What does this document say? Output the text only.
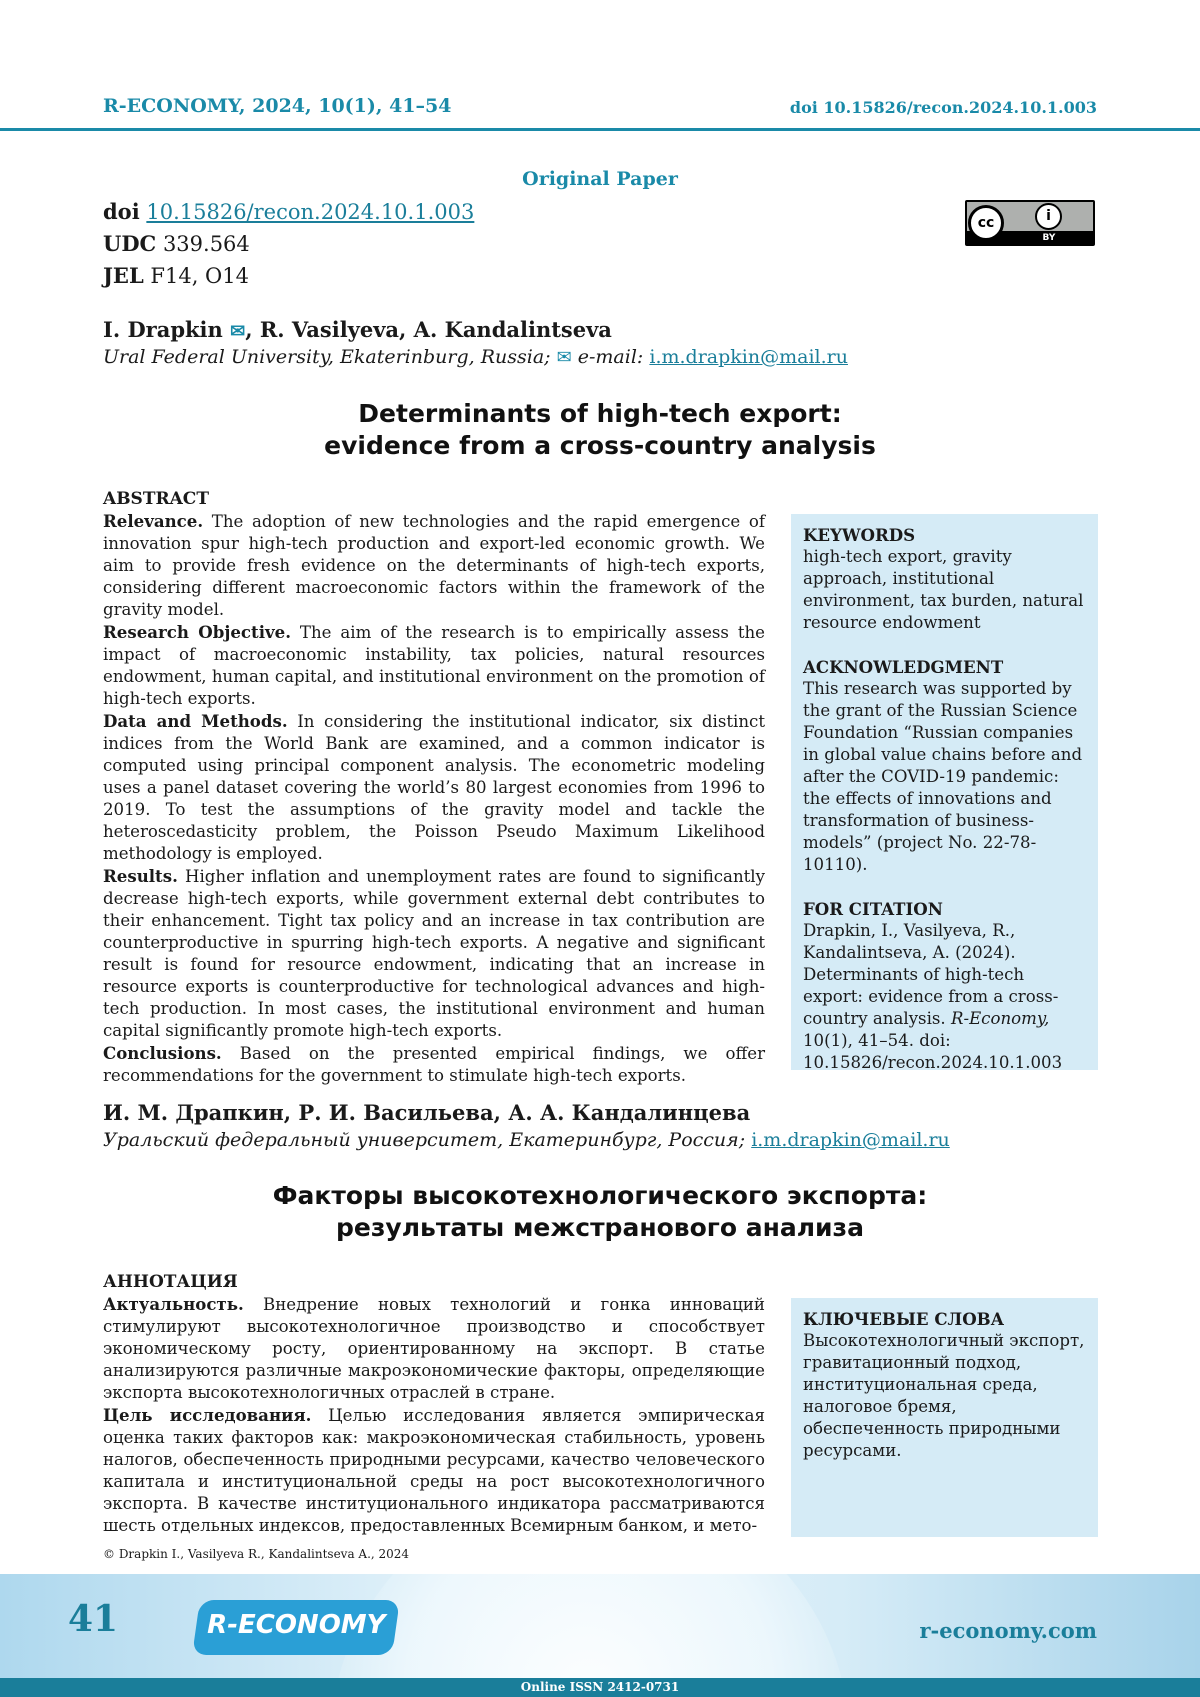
R-ECONOMY, 2024, 10(1), 41–54	doi 10.15826/recon.2024.10.1.003
Original Paper
doi 10.15826/recon.2024.10.1.003
UDC 339.564
JEL F14, O14
cc	i
BY
I. Drapkin ✉, R. Vasilyeva, A. Kandalintseva
Ural Federal University, Ekaterinburg, Russia; ✉ e-mail: i.m.drapkin@mail.ru
Determinants of high-tech export:
evidence from a cross-country analysis
ABSTRACT

Relevance. The adoption of new technologies and the rapid emergence of innovation spur high-tech production and export-led economic growth. We aim to provide fresh evidence on the determinants of high-tech exports, considering different macroeconomic factors within the framework of the gravity model.

Research Objective. The aim of the research is to empirically assess the impact of macroeconomic instability, tax policies, natural resources endowment, human capital, and institutional environment on the promotion of high-tech exports.

Data and Methods. In considering the institutional indicator, six distinct indices from the World Bank are examined, and a common indicator is computed using principal component analysis. The econometric modeling uses a panel dataset covering the world’s 80 largest economies from 1996 to 2019. To test the assumptions of the gravity model and tackle the heteroscedasticity problem, the Poisson Pseudo Maximum Likelihood methodology is employed.

Results. Higher inflation and unemployment rates are found to significantly decrease high-tech exports, while government external debt contributes to their enhancement. Tight tax policy and an increase in tax contribution are counterproductive in spurring high-tech exports. A negative and significant result is found for resource endowment, indicating that an increase in resource exports is counterproductive for technological advances and high-tech production. In most cases, the institutional environment and human capital significantly promote high-tech exports.

Conclusions. Based on the presented empirical findings, we offer recommendations for the government to stimulate high-tech exports.

KEYWORDS

high-tech export, gravity approach, institutional environment, tax burden, natural resource endowment

ACKNOWLEDGMENT

This research was supported by the grant of the Russian Science Foundation “Russian companies in global value chains before and after the COVID-19 pandemic: the effects of innovations and transformation of business-models” (project No. 22-78-10110).

FOR CITATION

Drapkin, I., Vasilyeva, R., Kandalintseva, A. (2024). Determinants of high-tech export: evidence from a cross-country analysis. R-Economy, 10(1), 41–54. doi: 10.15826/recon.2024.10.1.003

И. М. Драпкин, Р. И. Васильева, А. А. Кандалинцева
Уральский федеральный университет, Екатеринбург, Россия; i.m.drapkin@mail.ru
Факторы высокотехнологического экспорта:
результаты межстранового анализа
АННОТАЦИЯ

Актуальность. Внедрение новых технологий и гонка инноваций стимулируют высокотехнологичное производство и способствует экономическому росту, ориентированному на экспорт. В статье анализируются различные макроэкономические факторы, определяющие экспорта высокотехнологичных отраслей в стране.

Цель исследования. Целью исследования является эмпирическая оценка таких факторов как: макроэкономическая стабильность, уровень налогов, обеспеченность природными ресурсами, качество человеческого капитала и институциональной среды на рост высокотехнологичного экспорта. В качестве институционального индикатора рассматриваются шесть отдельных индексов, предоставленных Всемирным банком, и мето-

КЛЮЧЕВЫЕ СЛОВА

Высокотехнологичный экспорт, гравитационный подход, институциональная среда, налоговое бремя, обеспеченность природными ресурсами.

© Drapkin I., Vasilyeva R., Kandalintseva A., 2024
41	R-ECONOMY	r-economy.com
Online ISSN 2412-0731
